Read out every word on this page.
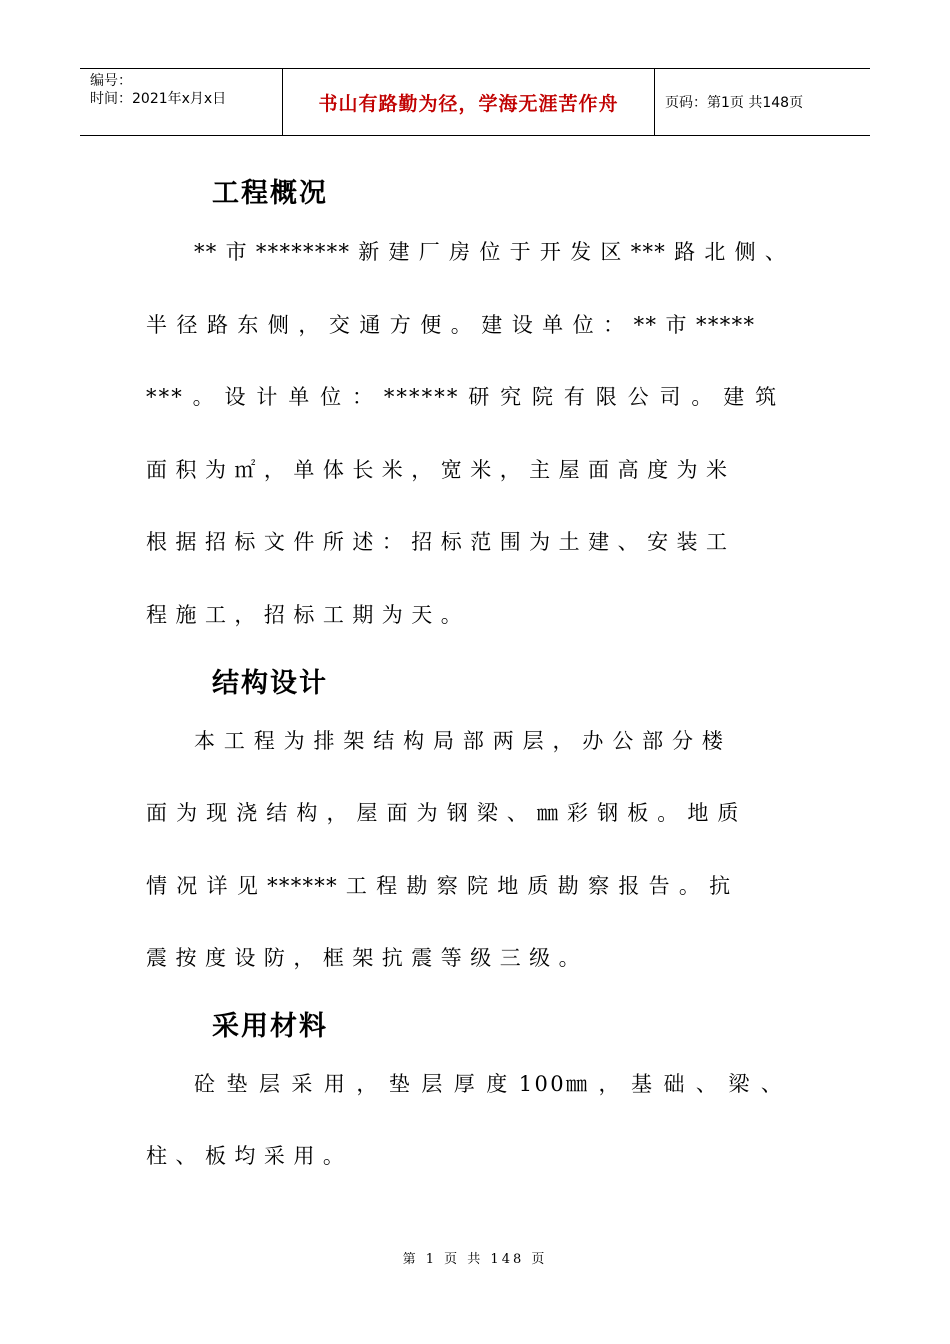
编号：
时间：2021年x月x日	书山有路勤为径，学海无涯苦作舟	页码：第1页 共148页
工程概况
** 市 ******** 新 建 厂 房 位 于 开 发 区 *** 路 北 侧 、
半 径 路 东 侧 ， 交 通 方 便 。 建 设 单 位 ： ** 市 *****
*** 。 设 计 单 位 ： ****** 研 究 院 有 限 公 司 。 建 筑
面 积 为 ㎡ ， 单 体 长 米 ， 宽 米 ， 主 屋 面 高 度 为 米
根 据 招 标 文 件 所 述 ： 招 标 范 围 为 土 建 、 安 装 工
程 施 工 ， 招 标 工 期 为 天 。
结构设计
本 工 程 为 排 架 结 构 局 部 两 层 ， 办 公 部 分 楼
面 为 现 浇 结 构 ， 屋 面 为 钢 梁 、 ㎜ 彩 钢 板 。 地 质
情 况 详 见 ****** 工 程 勘 察 院 地 质 勘 察 报 告 。 抗
震 按 度 设 防 ， 框 架 抗 震 等 级 三 级 。
采用材料
砼 垫 层 采 用 ， 垫 层 厚 度 100㎜ ， 基 础 、 梁 、
柱 、 板 均 采 用 。
第 1 页 共 148 页
